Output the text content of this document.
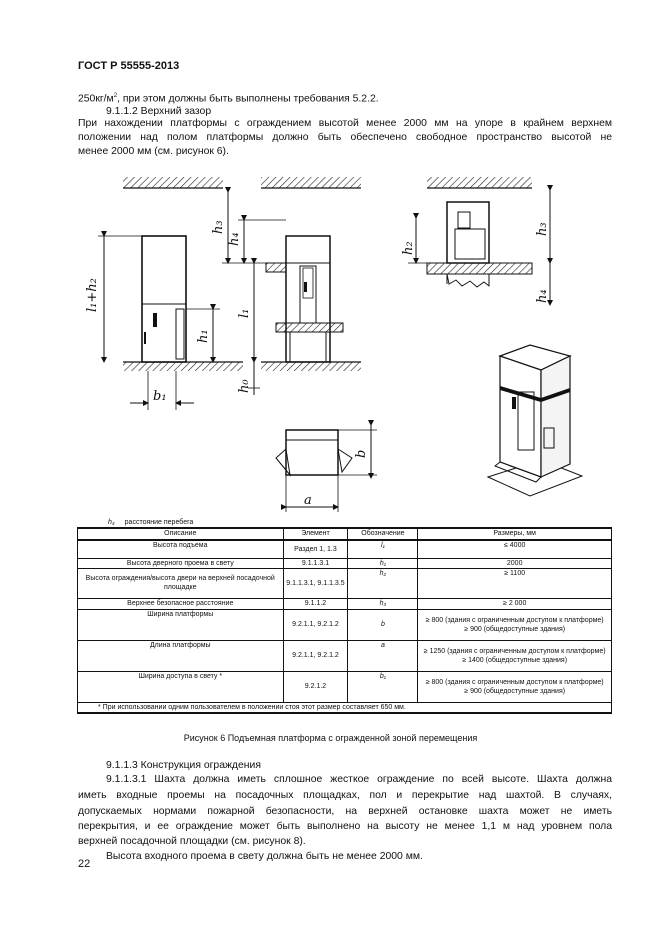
ГОСТ Р 55555-2013
$250кг/м^2$, при этом должны быть выполнены требования 5.2.2.
9.1.1.2 Верхний зазор
При нахождении платформы с ограждением высотой менее 2000 мм на упоре в крайнем верхнем
положении над полом платформы должно быть обеспечено свободное пространство высотой не
менее 2000 мм (см. рисунок 6).
l₁+h₂
b₁
h₁
h₃
h₄
l₁
h₀
h₂
h₃
h₄
b
a
h₄ расстояние перебега
Описание	Элемент	Обозначение	Размеры, мм
Высота подъема	Раздел 1, 1.3	l₁	≤ 4000
Высота дверного проема в свету	9.1.1.3.1	h₁	2000
Высота ограждения/высота двери на верхней посадочной площадке	9.1.1.3.1, 9.1.1.3.5	h₂	≥ 1100
Верхнее безопасное расстояние	9.1.1.2	h₃	≥ 2 000
Ширина платформы	9.2.1.1, 9.2.1.2	b	≥ 800 (здания с ограниченным доступом к платформе)
≥ 900 (общедоступные здания)

Длина платформы	9.2.1.1, 9.2.1.2	a	≥ 1250 (здания с ограниченным доступом к платформе)
≥ 1400 (общедоступные здания)

Ширина доступа в свету *	9.2.1.2	b₁	≥ 800 (здания с ограниченным доступом к платформе)
≥ 900 (общедоступные здания)

* При использовании одним пользователем в положении стоя этот размер составляет 650 мм.			
Рисунок 6 Подъемная платформа с огражденной зоной перемещения
9.1.1.3 Конструкция ограждения
9.1.1.3.1 Шахта должна иметь сплошное жесткое ограждение по всей высоте. Шахта должна
иметь входные проемы на посадочных площадках, пол и перекрытие над шахтой. В случаях,
допускаемых нормами пожарной безопасности, на верхней остановке шахта может не иметь
перекрытия, и ее ограждение может быть выполнено на высоту не менее 1,1 м над уровнем пола
верхней посадочной площадки (см. рисунок 8).
Высота входного проема в свету должна быть не менее 2000 мм.
22
